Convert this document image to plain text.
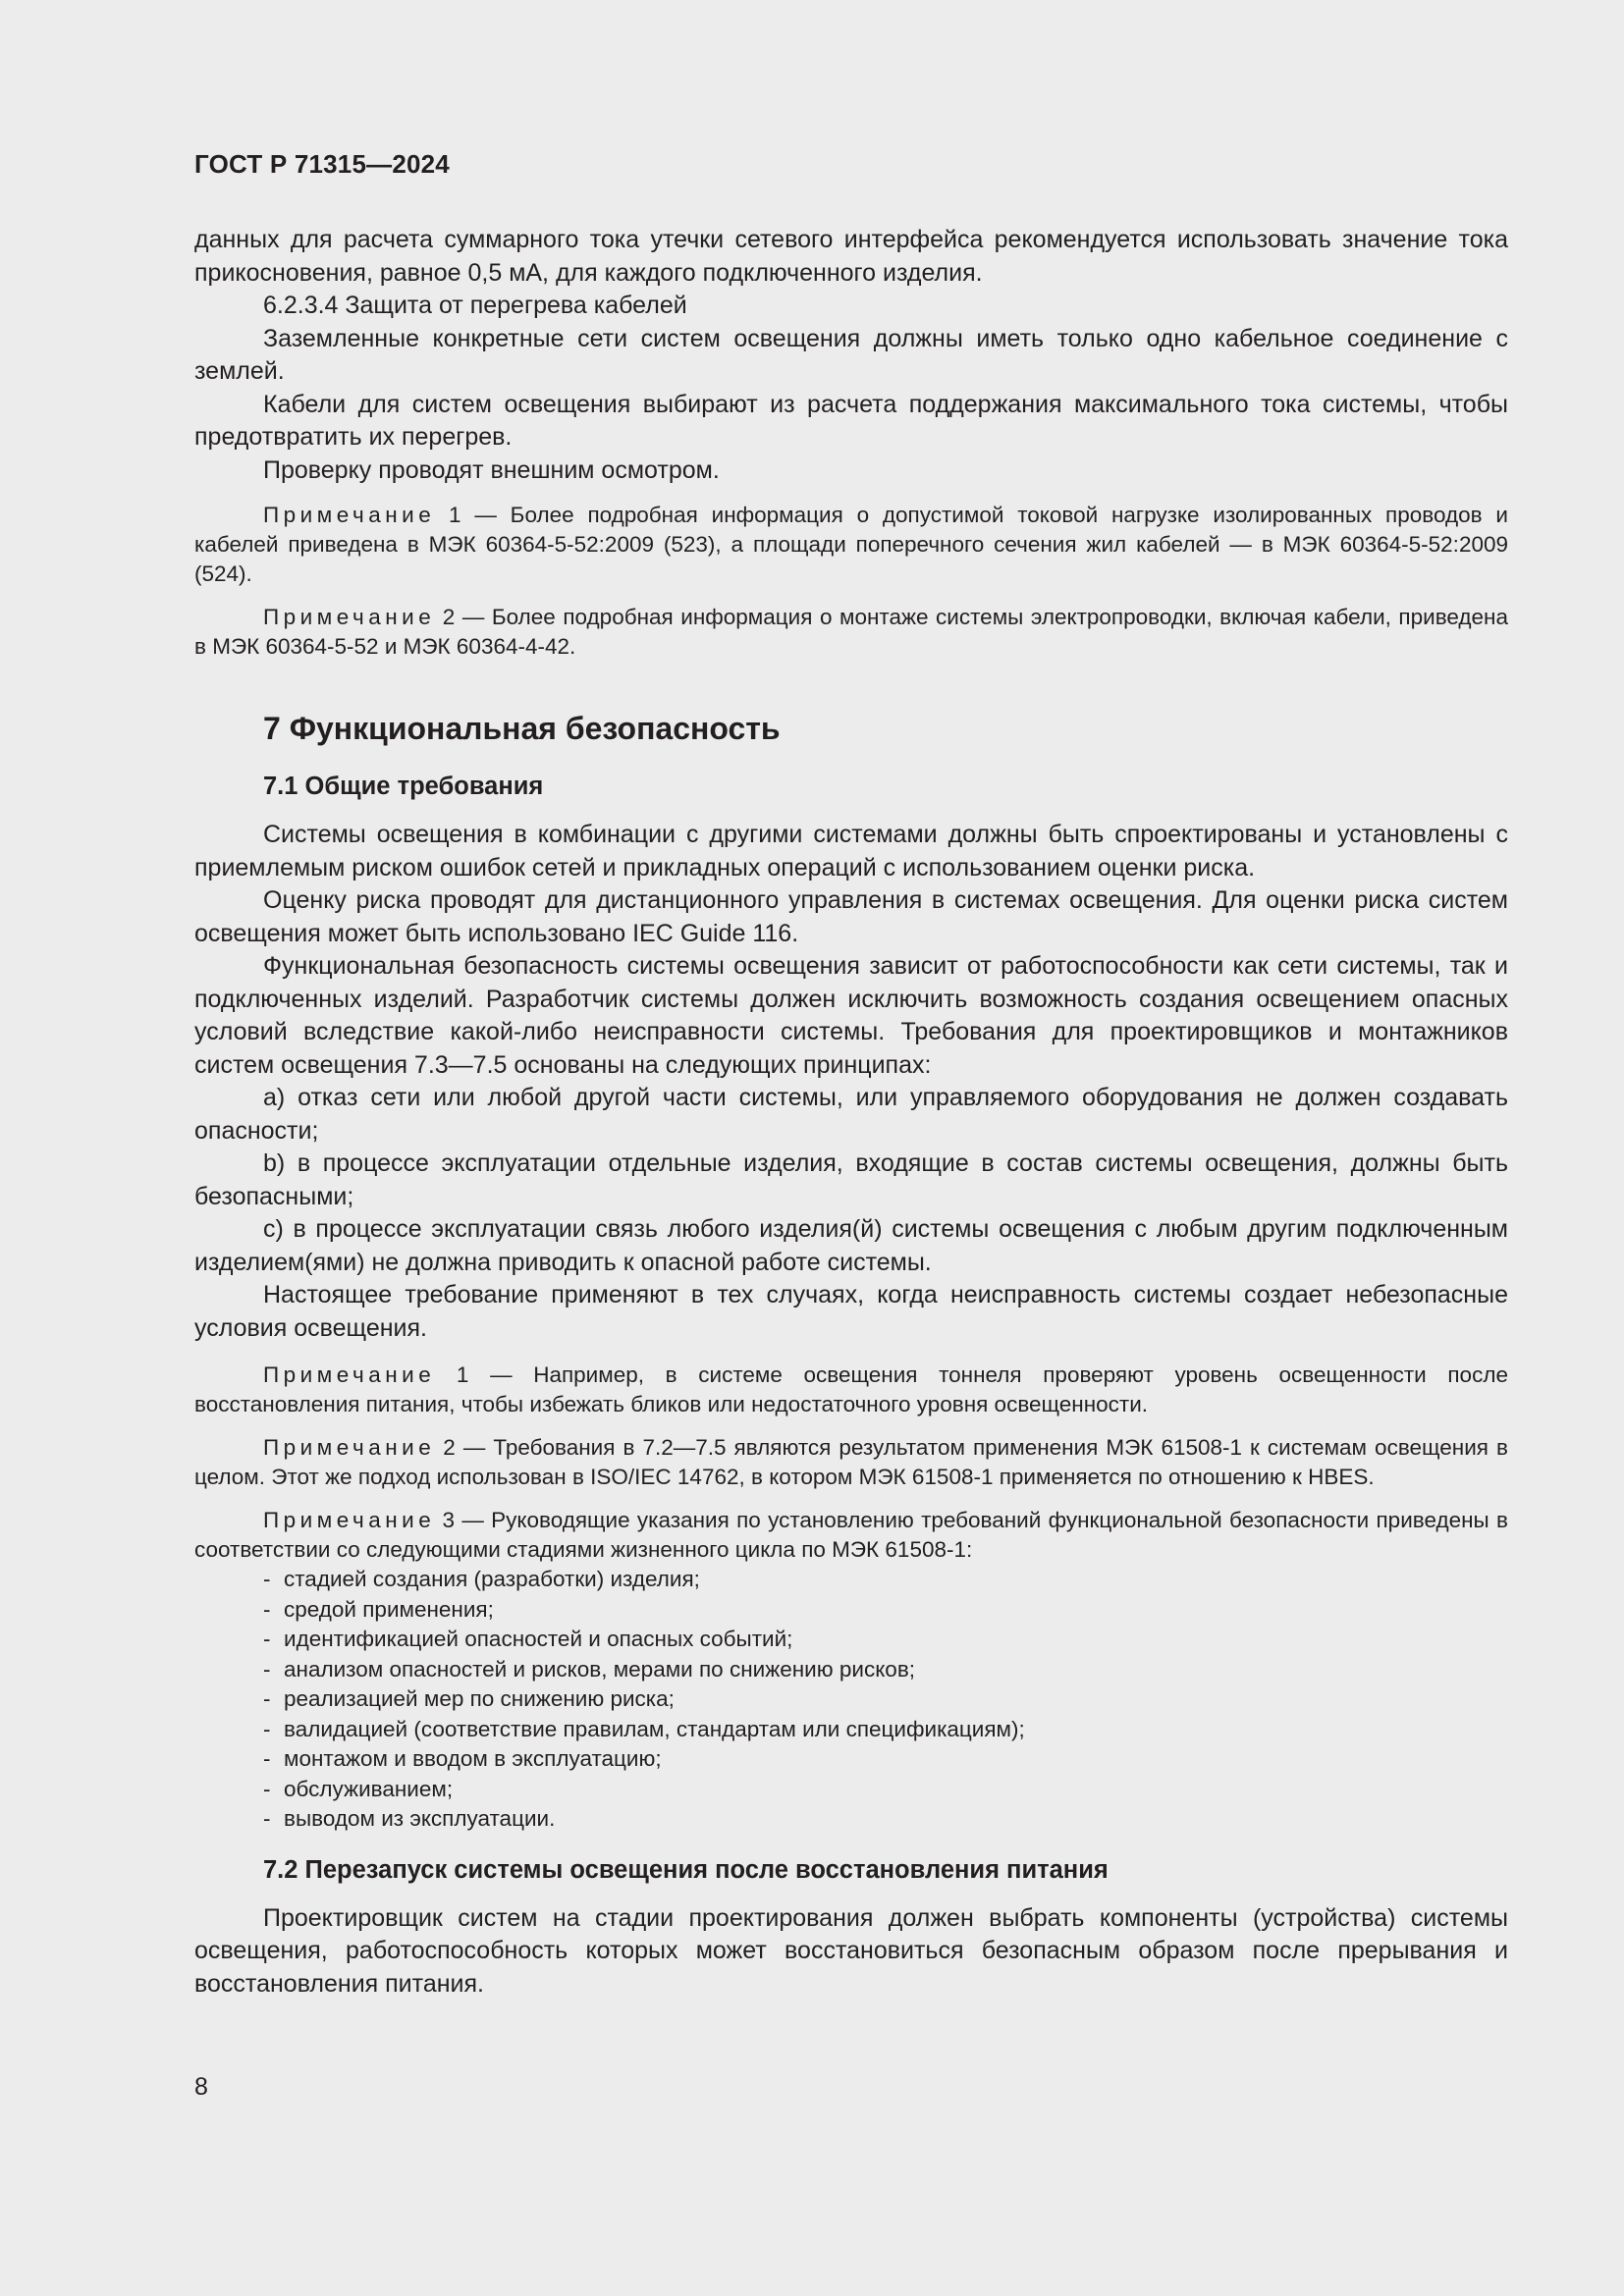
ГОСТ Р 71315—2024

данных для расчета суммарного тока утечки сетевого интерфейса рекомендуется использовать значение тока прикосновения, равное 0,5 мА, для каждого подключенного изделия.

6.2.3.4 Защита от перегрева кабелей

Заземленные конкретные сети систем освещения должны иметь только одно кабельное соединение с землей.

Кабели для систем освещения выбирают из расчета поддержания максимального тока системы, чтобы предотвратить их перегрев.

Проверку проводят внешним осмотром.

Примечание 1 — Более подробная информация о допустимой токовой нагрузке изолированных проводов и кабелей приведена в МЭК 60364-5-52:2009 (523), а площади поперечного сечения жил кабелей — в МЭК 60364-5-52:2009 (524).

Примечание 2 — Более подробная информация о монтаже системы электропроводки, включая кабели, приведена в МЭК 60364-5-52 и МЭК 60364-4-42.

7 Функциональная безопасность
7.1 Общие требования

Системы освещения в комбинации с другими системами должны быть спроектированы и установлены с приемлемым риском ошибок сетей и прикладных операций с использованием оценки риска.

Оценку риска проводят для дистанционного управления в системах освещения. Для оценки риска систем освещения может быть использовано IEC Guide 116.

Функциональная безопасность системы освещения зависит от работоспособности как сети системы, так и подключенных изделий. Разработчик системы должен исключить возможность создания освещением опасных условий вследствие какой-либо неисправности системы. Требования для проектировщиков и монтажников систем освещения 7.3—7.5 основаны на следующих принципах:

a) отказ сети или любой другой части системы, или управляемого оборудования не должен создавать опасности;

b) в процессе эксплуатации отдельные изделия, входящие в состав системы освещения, должны быть безопасными;

c) в процессе эксплуатации связь любого изделия(й) системы освещения с любым другим подключенным изделием(ями) не должна приводить к опасной работе системы.

Настоящее требование применяют в тех случаях, когда неисправность системы создает небезопасные условия освещения.

Примечание 1 — Например, в системе освещения тоннеля проверяют уровень освещенности после восстановления питания, чтобы избежать бликов или недостаточного уровня освещенности.

Примечание 2 — Требования в 7.2—7.5 являются результатом применения МЭК 61508-1 к системам освещения в целом. Этот же подход использован в ISO/IEC 14762, в котором МЭК 61508-1 применяется по отношению к HBES.

Примечание 3 — Руководящие указания по установлению требований функциональной безопасности приведены в соответствии со следующими стадиями жизненного цикла по МЭК 61508-1:

- стадией создания (разработки) изделия;
- средой применения;
- идентификацией опасностей и опасных событий;
- анализом опасностей и рисков, мерами по снижению рисков;
- реализацией мер по снижению риска;
- валидацией (соответствие правилам, стандартам или спецификациям);
- монтажом и вводом в эксплуатацию;
- обслуживанием;
- выводом из эксплуатации.
7.2 Перезапуск системы освещения после восстановления питания

Проектировщик систем на стадии проектирования должен выбрать компоненты (устройства) системы освещения, работоспособность которых может восстановиться безопасным образом после прерывания и восстановления питания.

8
